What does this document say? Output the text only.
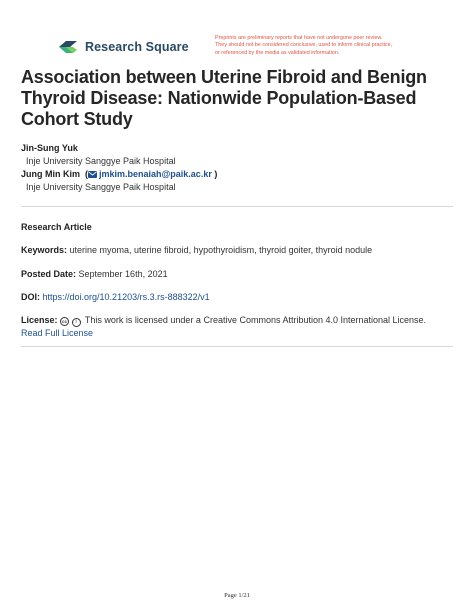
Research Square
Preprints are preliminary reports that have not undergone peer review.
They should not be considered conclusive, used to inform clinical practice,
or referenced by the media as validated information.
Association between Uterine Fibroid and Benign Thyroid Disease: Nationwide Population-Based Cohort Study
Jin-Sung Yuk
Inje University Sanggye Paik Hospital
Jung Min Kim  ( jmkim.benaiah@paik.ac.kr )
Inje University Sanggye Paik Hospital
Research Article
Keywords: uterine myoma, uterine fibroid, hypothyroidism, thyroid goiter, thyroid nodule
Posted Date: September 16th, 2021
DOI: https://doi.org/10.21203/rs.3.rs-888322/v1
License: cc i This work is licensed under a Creative Commons Attribution 4.0 International License.
Read Full License
Page 1/21
